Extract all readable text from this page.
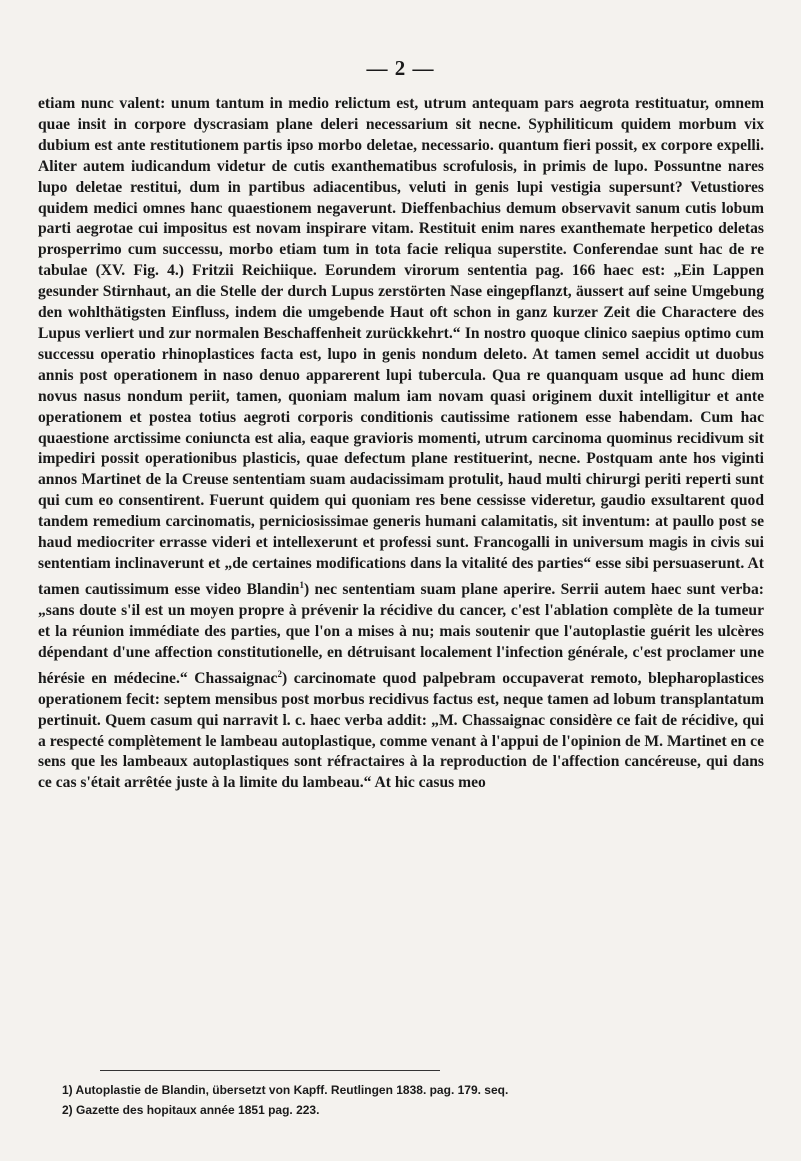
— 2 —

etiam nunc valent: unum tantum in medio relictum est, utrum antequam pars aegrota restituatur, omnem quae insit in corpore dyscrasiam plane deleri necessarium sit necne. Syphiliticum quidem morbum vix dubium est ante restitutionem partis ipso morbo deletae, necessario. quantum fieri possit, ex corpore expelli. Aliter autem iudicandum videtur de cutis exanthematibus scrofulosis, in primis de lupo. Possuntne nares lupo deletae restitui, dum in partibus adiacentibus, veluti in genis lupi vestigia supersunt? Vetustiores quidem medici omnes hanc quaestionem negaverunt. Dieffenbachius demum observavit sanum cutis lobum parti aegrotae cui impositus est novam inspirare vitam. Restituit enim nares exanthemate herpetico deletas prosperrimo cum successu, morbo etiam tum in tota facie reliqua superstite. Conferendae sunt hac de re tabulae (XV. Fig. 4.) Fritzii Reichiique. Eorundem virorum sententia pag. 166 haec est: „Ein Lappen gesunder Stirnhaut, an die Stelle der durch Lupus zerstörten Nase eingepflanzt, äussert auf seine Umgebung den wohlthätigsten Einfluss, indem die umgebende Haut oft schon in ganz kurzer Zeit die Charactere des Lupus verliert und zur normalen Beschaffenheit zurückkehrt.“ In nostro quoque clinico saepius optimo cum successu operatio rhinoplastices facta est, lupo in genis nondum deleto. At tamen semel accidit ut duobus annis post operationem in naso denuo apparerent lupi tubercula. Qua re quanquam usque ad hunc diem novus nasus nondum periit, tamen, quoniam malum iam novam quasi originem duxit intelligitur et ante operationem et postea totius aegroti corporis conditionis cautissime rationem esse habendam. Cum hac quaestione arctissime coniuncta est alia, eaque gravioris momenti, utrum carcinoma quominus recidivum sit impediri possit operationibus plasticis, quae defectum plane restituerint, necne. Postquam ante hos viginti annos Martinet de la Creuse sententiam suam audacissimam protulit, haud multi chirurgi periti reperti sunt qui cum eo consentirent. Fuerunt quidem qui quoniam res bene cessisse videretur, gaudio exsultarent quod tandem remedium carcinomatis, perniciosissimae generis humani calamitatis, sit inventum: at paullo post se haud mediocriter errasse videri et intellexerunt et professi sunt. Francogalli in universum magis in civis sui sententiam inclinaverunt et „de certaines modifications dans la vitalité des parties“ esse sibi persuaserunt. At tamen cautissimum esse video Blandin$^1$) nec sententiam suam plane aperire. Serrii autem haec sunt verba: „sans doute s'il est un moyen propre à prévenir la récidive du cancer, c'est l'ablation complète de la tumeur et la réunion immédiate des parties, que l'on a mises à nu; mais soutenir que l'autoplastie guérit les ulcères dépendant d'une affection constitutionelle, en détruisant localement l'infection générale, c'est proclamer une hérésie en médecine.“ Chassaignac$^2$) carcinomate quod palpebram occupaverat remoto, blepharoplastices operationem fecit: septem mensibus post morbus recidivus factus est, neque tamen ad lobum transplantatum pertinuit. Quem casum qui narravit l. c. haec verba addit: „M. Chassaignac considère ce fait de récidive, qui a respecté complètement le lambeau autoplastique, comme venant à l'appui de l'opinion de M. Martinet en ce sens que les lambeaux autoplastiques sont réfractaires à la reproduction de l'affection cancéreuse, qui dans ce cas s'était arrêtée juste à la limite du lambeau.“ At hic casus meo

1) Autoplastie de Blandin, übersetzt von Kapff. Reutlingen 1838. pag. 179. seq.
2) Gazette des hopitaux année 1851 pag. 223.
